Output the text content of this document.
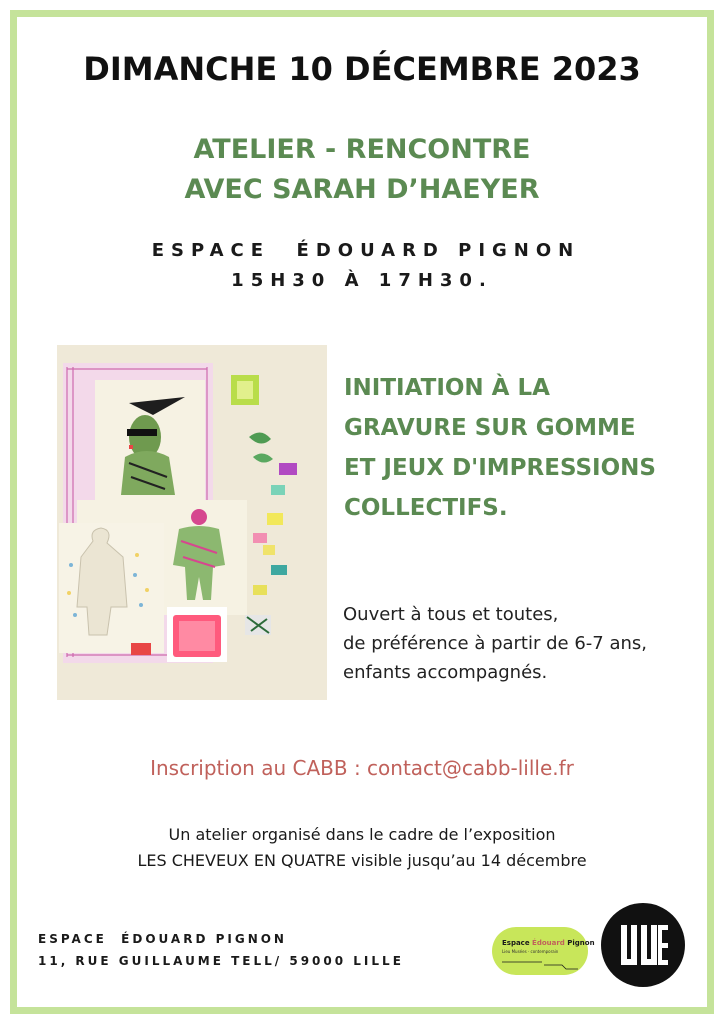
DIMANCHE 10 DÉCEMBRE 2023
ATELIER - RENCONTRE
AVEC SARAH D’HAEYER
ESPACE  ÉDOUARD PIGNON
15H30 À 17H30.
INITIATION À LA
GRAVURE SUR GOMME
ET JEUX D'IMPRESSIONS
COLLECTIFS.
Ouvert à tous et toutes,
de préférence à partir de 6-7 ans,
enfants accompagnés.
Inscription au CABB : contact@cabb-lille.fr
Un atelier organisé dans le cadre de l’exposition
LES CHEVEUX EN QUATRE visible jusqu’au 14 décembre
ESPACE  ÉDOUARD PIGNON
11, RUE GUILLAUME TELL/ 59000 LILLE
Espace Édouard Pignon
Lieu Musées · contemporain
